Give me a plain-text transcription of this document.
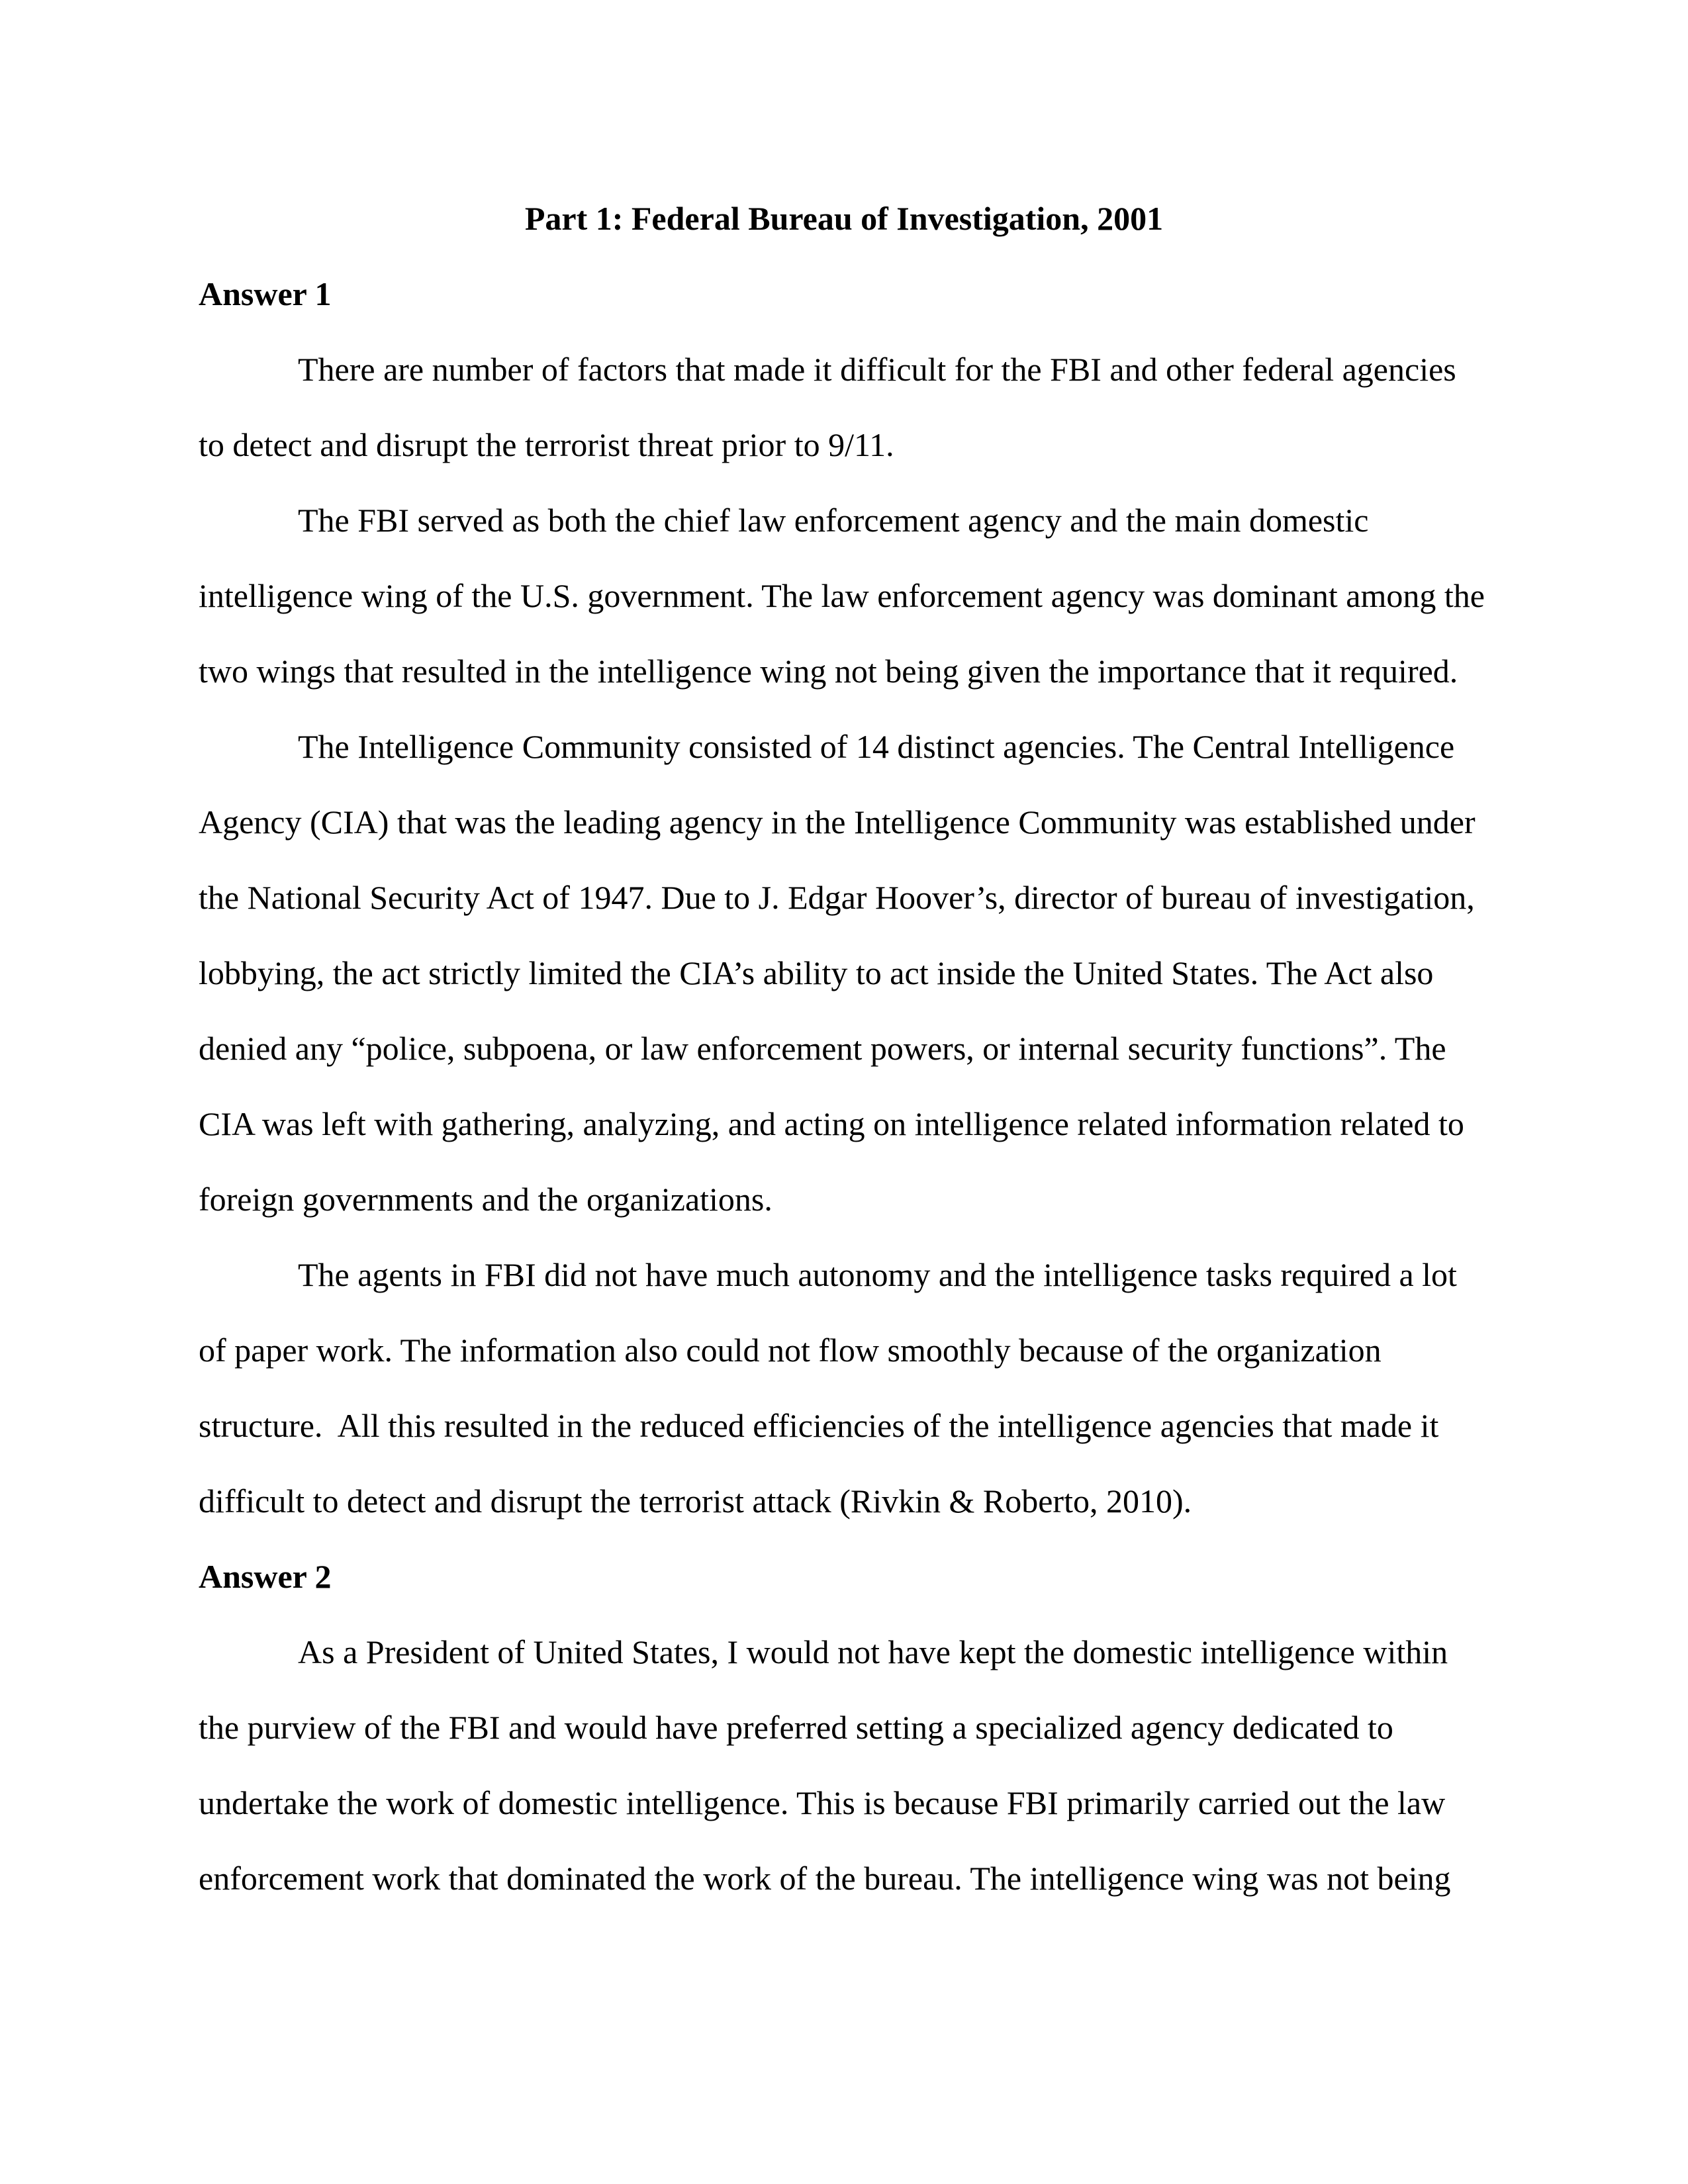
Part 1: Federal Bureau of Investigation, 2001
Answer 1

There are number of factors that made it difficult for the FBI and other federal agencies
to detect and disrupt the terrorist threat prior to 9/11.

The FBI served as both the chief law enforcement agency and the main domestic
intelligence wing of the U.S. government. The law enforcement agency was dominant among the
two wings that resulted in the intelligence wing not being given the importance that it required.

The Intelligence Community consisted of 14 distinct agencies. The Central Intelligence
Agency (CIA) that was the leading agency in the Intelligence Community was established under
the National Security Act of 1947. Due to J. Edgar Hoover’s, director of bureau of investigation,
lobbying, the act strictly limited the CIA’s ability to act inside the United States. The Act also
denied any “police, subpoena, or law enforcement powers, or internal security functions”. The
CIA was left with gathering, analyzing, and acting on intelligence related information related to
foreign governments and the organizations.

The agents in FBI did not have much autonomy and the intelligence tasks required a lot
of paper work. The information also could not flow smoothly because of the organization
structure.  All this resulted in the reduced efficiencies of the intelligence agencies that made it
difficult to detect and disrupt the terrorist attack (Rivkin & Roberto, 2010).

Answer 2

As a President of United States, I would not have kept the domestic intelligence within
the purview of the FBI and would have preferred setting a specialized agency dedicated to
undertake the work of domestic intelligence. This is because FBI primarily carried out the law
enforcement work that dominated the work of the bureau. The intelligence wing was not being
